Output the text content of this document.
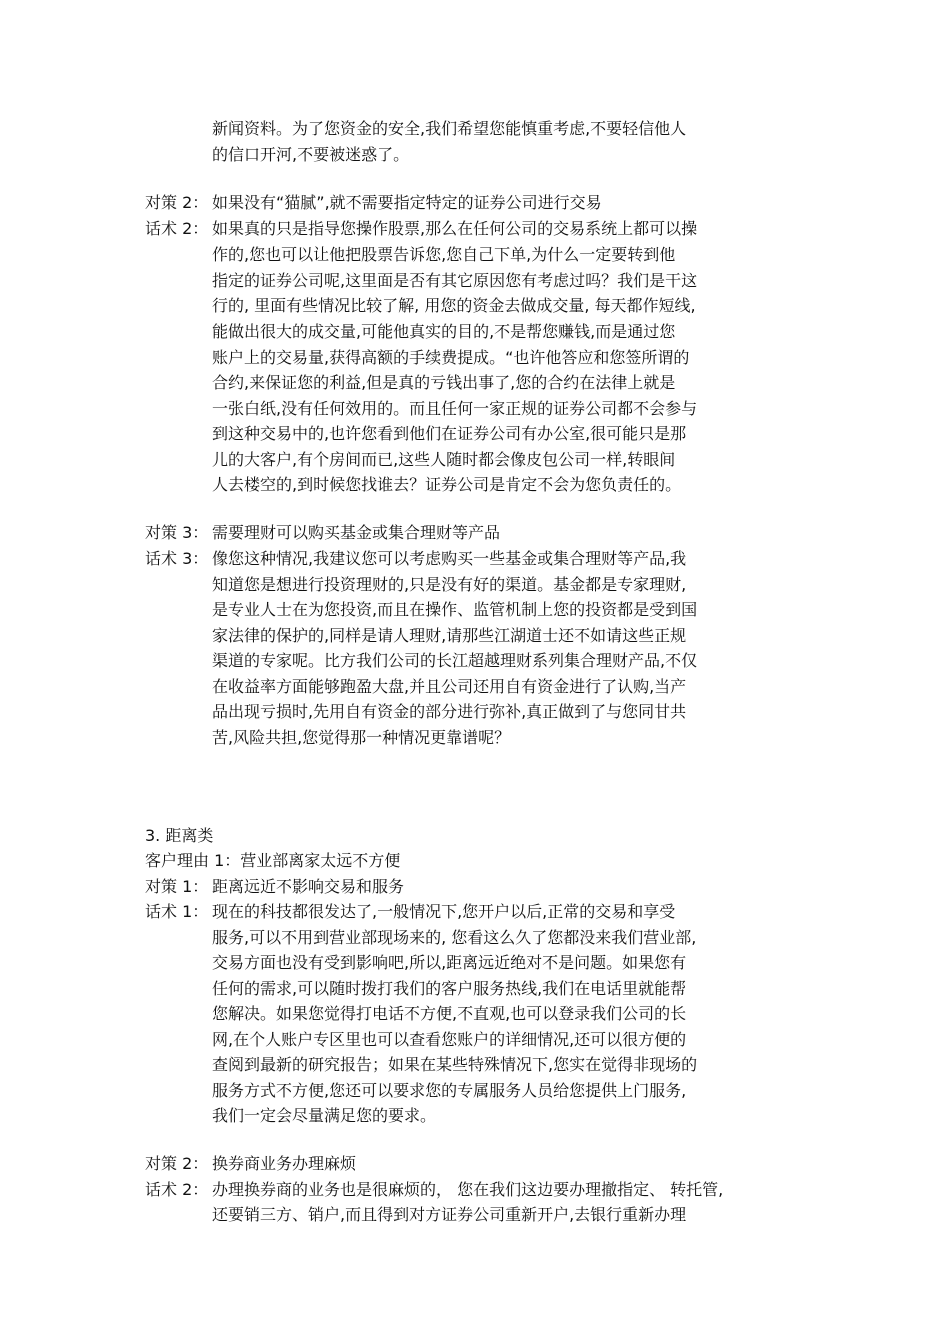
新闻资料。为了您资金的安全,我们希望您能慎重考虑,不要轻信他人
的信口开河,不要被迷惑了。
对策 2： 如果没有“猫腻”,就不需要指定特定的证券公司进行交易
话术 2： 如果真的只是指导您操作股票,那么在任何公司的交易系统上都可以操
作的,您也可以让他把股票告诉您,您自己下单,为什么一定要转到他
指定的证券公司呢,这里面是否有其它原因您有考虑过吗？我们是干这
行的, 里面有些情况比较了解, 用您的资金去做成交量, 每天都作短线,
能做出很大的成交量,可能他真实的目的,不是帮您赚钱,而是通过您
账户上的交易量,获得高额的手续费提成。“也许他答应和您签所谓的
合约,来保证您的利益,但是真的亏钱出事了,您的合约在法律上就是
一张白纸,没有任何效用的。而且任何一家正规的证券公司都不会参与
到这种交易中的,也许您看到他们在证券公司有办公室,很可能只是那
儿的大客户,有个房间而已,这些人随时都会像皮包公司一样,转眼间
人去楼空的,到时候您找谁去？证券公司是肯定不会为您负责任的。
对策 3： 需要理财可以购买基金或集合理财等产品
话术 3： 像您这种情况,我建议您可以考虑购买一些基金或集合理财等产品,我
知道您是想进行投资理财的,只是没有好的渠道。基金都是专家理财,
是专业人士在为您投资,而且在操作、监管机制上您的投资都是受到国
家法律的保护的,同样是请人理财,请那些江湖道士还不如请这些正规
渠道的专家呢。比方我们公司的长江超越理财系列集合理财产品,不仅
在收益率方面能够跑盈大盘,并且公司还用自有资金进行了认购,当产
品出现亏损时,先用自有资金的部分进行弥补,真正做到了与您同甘共
苦,风险共担,您觉得那一种情况更靠谱呢？
3. 距离类
客户理由 1：营业部离家太远不方便
对策 1： 距离远近不影响交易和服务
话术 1： 现在的科技都很发达了,一般情况下,您开户以后,正常的交易和享受
服务,可以不用到营业部现场来的, 您看这么久了您都没来我们营业部,
交易方面也没有受到影响吧,所以,距离远近绝对不是问题。如果您有
任何的需求,可以随时拨打我们的客户服务热线,我们在电话里就能帮
您解决。如果您觉得打电话不方便,不直观,也可以登录我们公司的长
网,在个人账户专区里也可以查看您账户的详细情况,还可以很方便的
查阅到最新的研究报告；如果在某些特殊情况下,您实在觉得非现场的
服务方式不方便,您还可以要求您的专属服务人员给您提供上门服务,
我们一定会尽量满足您的要求。
对策 2： 换券商业务办理麻烦
话术 2： 办理换券商的业务也是很麻烦的， 您在我们这边要办理撤指定、 转托管,
还要销三方、销户,而且得到对方证券公司重新开户,去银行重新办理
